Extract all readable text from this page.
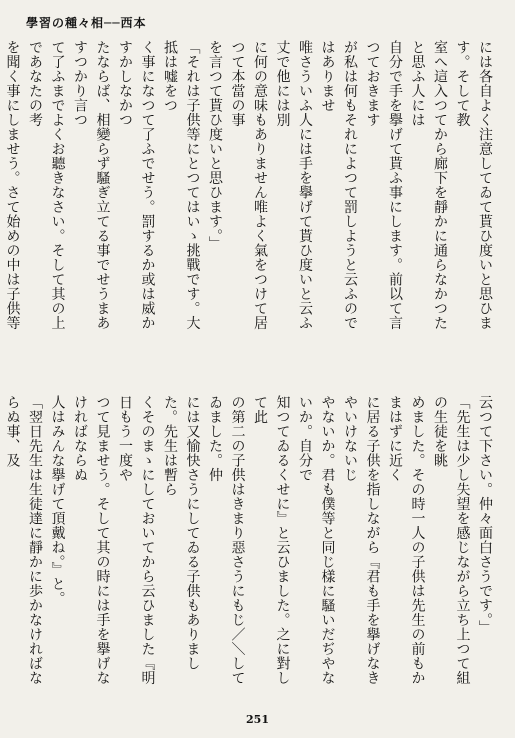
學習の種々相──西本

には各自よく注意してゐて貰ひ度いと思ひます。そして教

室へ這入つてから廊下を靜かに通らなかつたと思ふ人には

自分で手を擧げて貰ふ事にします。前以て言つておきます

が私は何もそれによつて罰しようと云ふのではありませ

唯さういふ人には手を擧げて貰ひ度いと云ふ丈で他には別

に何の意味もありません唯よく氣をつけて居つて本當の事

を言つて貰ひ度いと思ひます。」

「それは子供等にとつてはいゝ挑戰です。大抵は嘘をつ

く事になつて了ふでせう。罰するか或は威かすかしなかつ

たならば、相變らず騷ぎ立てる事でせうまあすつかり言つ

て了ふまでよくお聽きなさい。そして其の上であなたの考

を聞く事にしませう。さて始めの中は子供等

云つて下さい。仲々面白さうです。」

「先生は少し失望を感じながら立ち上つて組の生徒を眺

めました。その時一人の子供は先生の前もかまはずに近く

に居る子供を指しながら『君も手を擧げなきやいけないじ

やないか。君も僕等と同じ樣に騷いだぢやないか。自分で

知つてゐるくせに』と云ひました。之に對して此

の第二の子供はきまり惡さうにもじ／＼してゐました。仲

には又愉快さうにしてゐる子供もありました。先生は暫ら

くそのまゝにしておいてから云ひました『明日もう一度や

つて見ませう。そして其の時には手を擧げなければならぬ

人はみんな擧げて頂戴ね。』と。

「翌日先生は生徒達に靜かに歩かなければならぬ事、及

251
